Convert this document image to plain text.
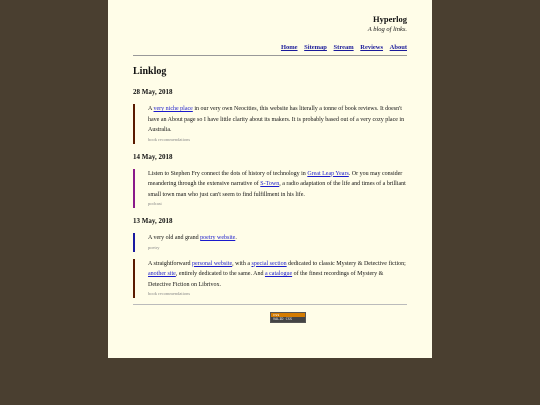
Hyperlog
A blog of links.
Home Sitemap Stream Reviews About
Linklog
28 May, 2018
A very niche place in our very own Neocities, this website has literally a tonne of book reviews. It doesn't have an About page so I have little clarity about its makers. It is probably based out of a very cozy place in Australia.
book recommendations
14 May, 2018
Listen to Stephen Fry connect the dots of history of technology in Great Leap Years. Or you may consider meandering through the extensive narrative of S-Town, a radio adaptation of the life and times of a brilliant small town man who just can't seem to find fulfillment in his life.
podcast
13 May, 2018
A very old and grand poetry website.
poetry
A straightforward personal website, with a special section dedicated to classic Mystery & Detective fiction; another site, entirely dedicated to the same. And a catalogue of the finest recordings of Mystery & Detective Fiction on Librivox.
book recommendations
css
VALID CSS
